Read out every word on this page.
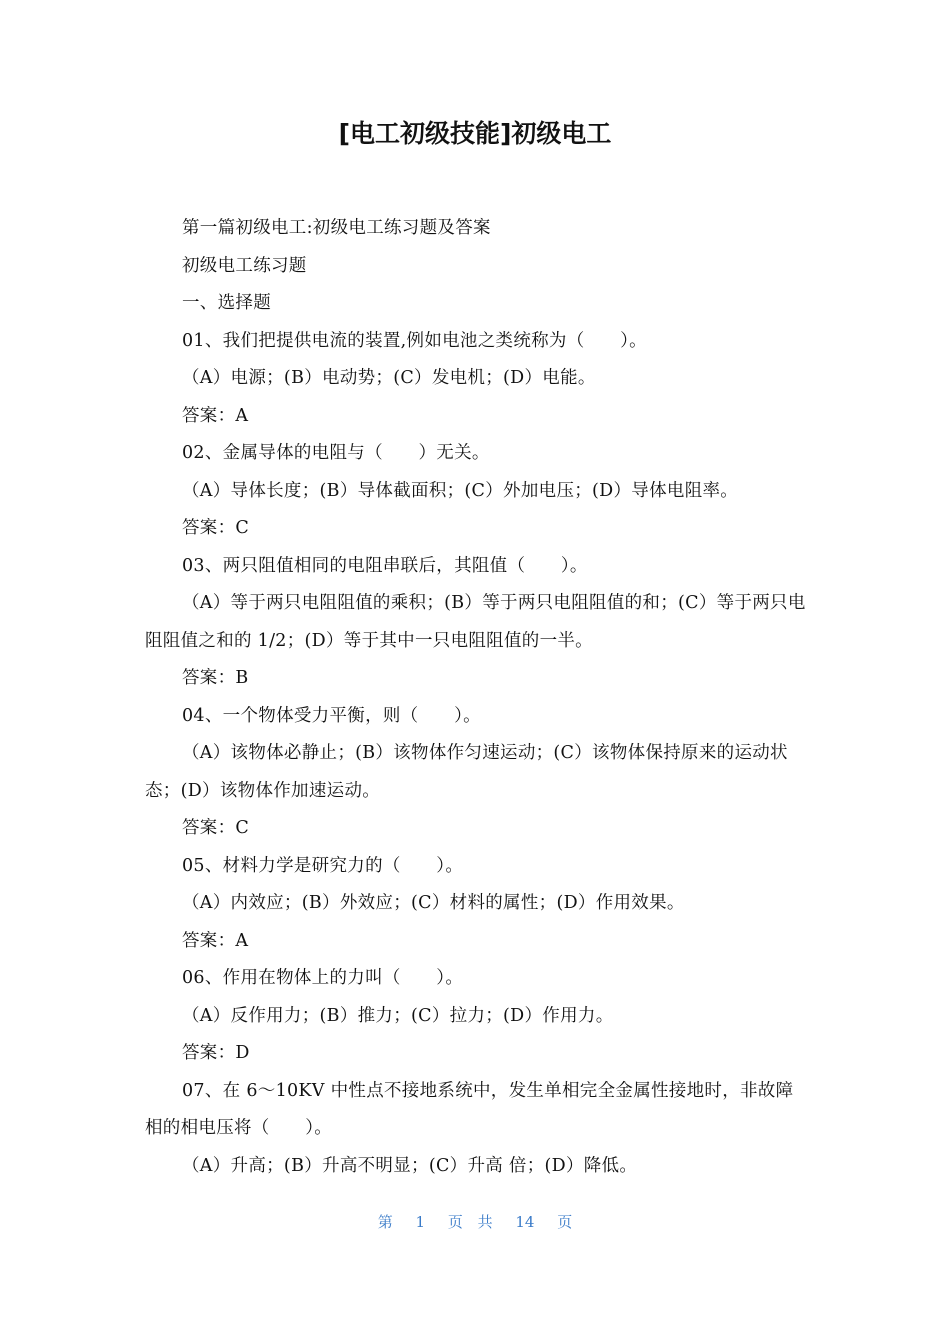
[电工初级技能]初级电工

第一篇初级电工:初级电工练习题及答案

初级电工练习题

一、选择题

01、我们把提供电流的装置,例如电池之类统称为（　　）。

（A）电源；(B）电动势；(C）发电机；(D）电能。

答案：A

02、金属导体的电阻与（　　）无关。

（A）导体长度；(B）导体截面积；(C）外加电压；(D）导体电阻率。

答案：C

03、两只阻值相同的电阻串联后，其阻值（　　）。

（A）等于两只电阻阻值的乘积；(B）等于两只电阻阻值的和；(C）等于两只电阻阻值之和的 1/2；(D）等于其中一只电阻阻值的一半。

答案：B

04、一个物体受力平衡，则（　　）。

（A）该物体必静止；(B）该物体作匀速运动；(C）该物体保持原来的运动状态；(D）该物体作加速运动。

答案：C

05、材料力学是研究力的（　　）。

（A）内效应；(B）外效应；(C）材料的属性；(D）作用效果。

答案：A

06、作用在物体上的力叫（　　）。

（A）反作用力；(B）推力；(C）拉力；(D）作用力。

答案：D

07、在 6～10KV 中性点不接地系统中，发生单相完全金属性接地时，非故障相的相电压将（　　）。

（A）升高；(B）升高不明显；(C）升高 倍；(D）降低。

第 1 页 共 14 页
